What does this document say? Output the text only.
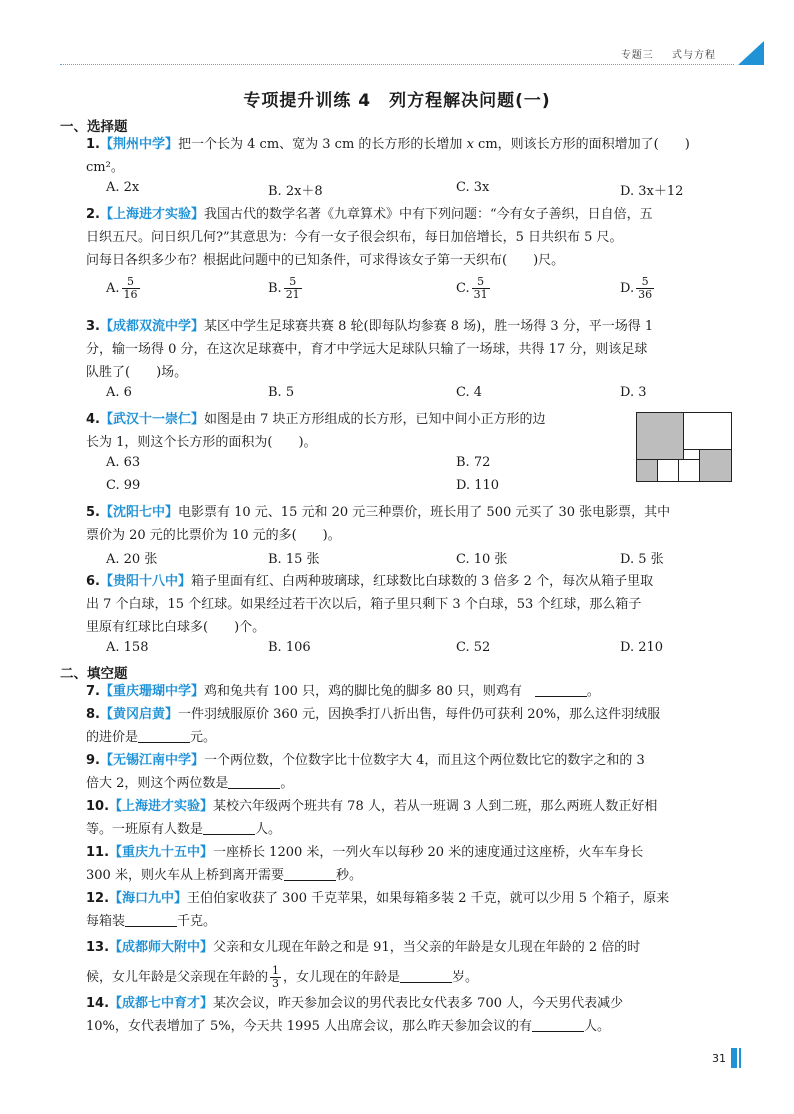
专题三 式与方程
专项提升训练 4　列方程解决问题(一)
一、选择题
1.【荆州中学】把一个长为 4 cm、宽为 3 cm 的长方形的长增加 x cm，则该长方形的面积增加了(　　)
cm²。
A. 2x	B. 2x＋8	C. 3x	D. 3x＋12
2.【上海进才实验】我国古代的数学名著《九章算术》中有下列问题：“今有女子善织，日自倍，五
日织五尺。问日织几何?”其意思为：今有一女子很会织布，每日加倍增长，5 日共织布 5 尺。
问每日各织多少布？根据此问题中的已知条件，可求得该女子第一天织布(　　)尺。
A. $\frac{5}{16}$	B. $\frac{5}{21}$	C. $\frac{5}{31}$	D. $\frac{5}{36}$
3.【成都双流中学】某区中学生足球赛共赛 8 轮(即每队均参赛 8 场)，胜一场得 3 分，平一场得 1
分，输一场得 0 分，在这次足球赛中，育才中学远大足球队只输了一场球，共得 17 分，则该足球
队胜了(　　)场。
A. 6	B. 5	C. 4	D. 3
4.【武汉十一崇仁】如图是由 7 块正方形组成的长方形，已知中间小正方形的边
长为 1，则这个长方形的面积为(　　)。
A. 63	B. 72
C. 99	D. 110
5.【沈阳七中】电影票有 10 元、15 元和 20 元三种票价，班长用了 500 元买了 30 张电影票，其中
票价为 20 元的比票价为 10 元的多(　　)。
A. 20 张	B. 15 张	C. 10 张	D. 5 张
6.【贵阳十八中】箱子里面有红、白两种玻璃球，红球数比白球数的 3 倍多 2 个，每次从箱子里取
出 7 个白球，15 个红球。如果经过若干次以后，箱子里只剩下 3 个白球，53 个红球，那么箱子
里原有红球比白球多(　　)个。
A. 158	B. 106	C. 52	D. 210
二、填空题
7.【重庆珊瑚中学】鸡和兔共有 100 只，鸡的脚比兔的脚多 80 只，则鸡有　	。
8.【黄冈启黄】一件羽绒服原价 360 元，因换季打八折出售，每件仍可获利 20%，那么这件羽绒服
的进价是	元。
9.【无锡江南中学】一个两位数，个位数字比十位数字大 4，而且这个两位数比它的数字之和的 3
倍大 2，则这个两位数是	。
10.【上海进才实验】某校六年级两个班共有 78 人，若从一班调 3 人到二班，那么两班人数正好相
等。一班原有人数是	人。
11.【重庆九十五中】一座桥长 1200 米，一列火车以每秒 20 米的速度通过这座桥，火车车身长
300 米，则火车从上桥到离开需要	秒。
12.【海口九中】王伯伯家收获了 300 千克苹果，如果每箱多装 2 千克，就可以少用 5 个箱子，原来
每箱装	千克。
13.【成都师大附中】父亲和女儿现在年龄之和是 91，当父亲的年龄是女儿现在年龄的 2 倍的时
候，女儿年龄是父亲现在年龄的 $\frac{1}{3}$ ，女儿现在的年龄是	岁。
14.【成都七中育才】某次会议，昨天参加会议的男代表比女代表多 700 人，今天男代表减少
10%，女代表增加了 5%，今天共 1995 人出席会议，那么昨天参加会议的有	人。
31
